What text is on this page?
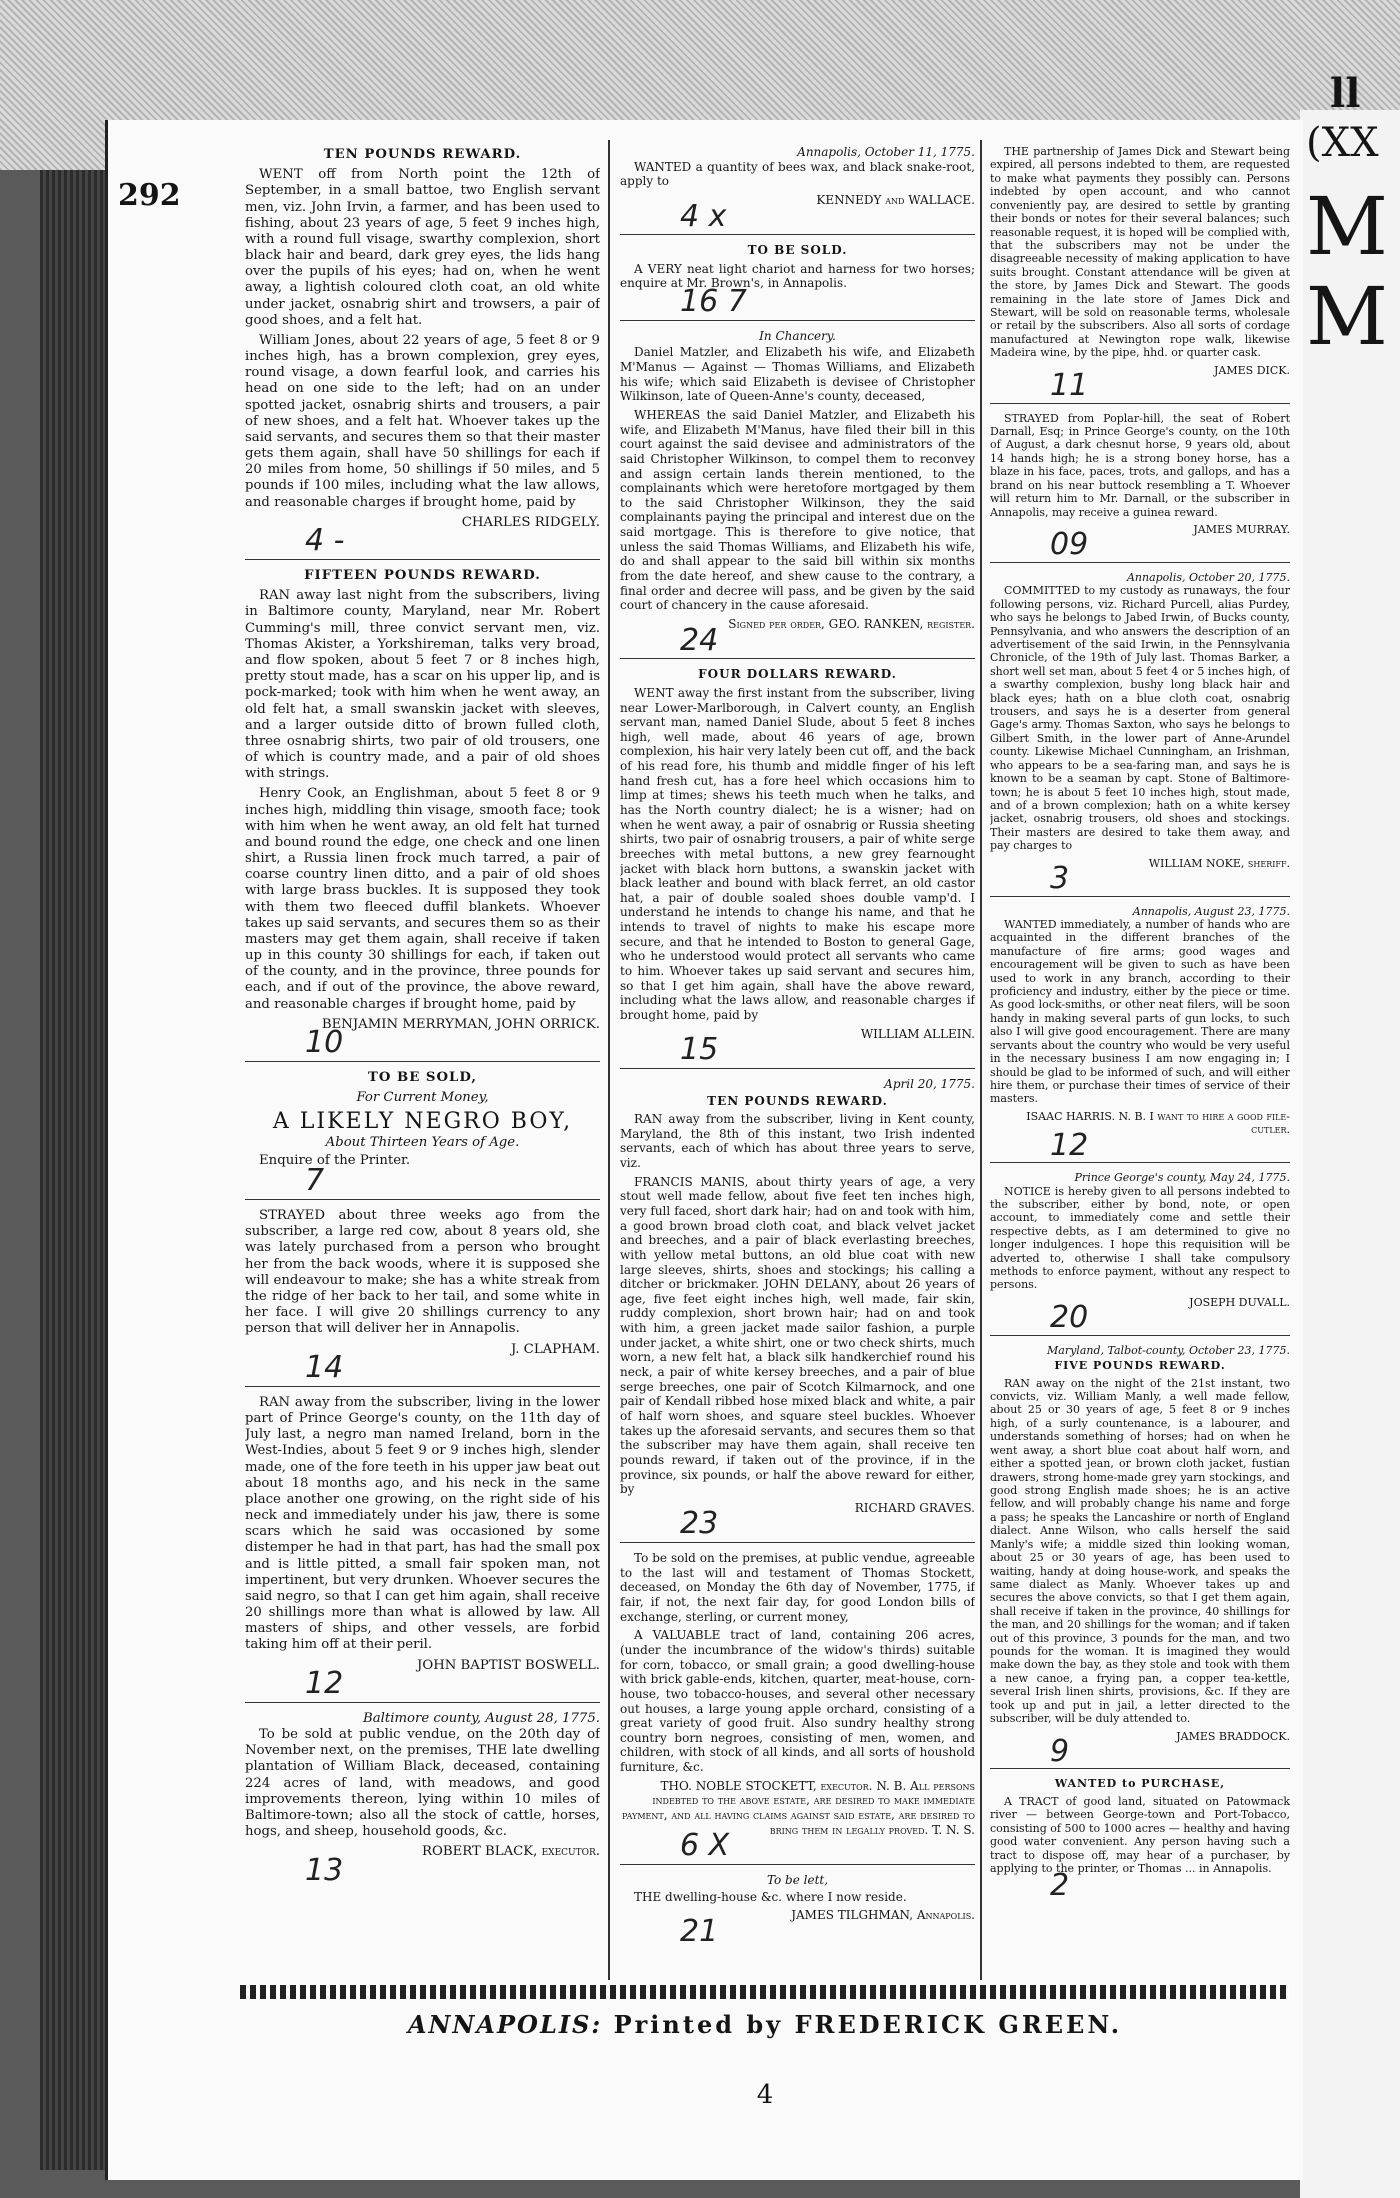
(XX
M
M
ll
292
TEN POUNDS REWARD.

WENT off from North point the 12th of September, in a small battoe, two English servant men, viz. John Irvin, a farmer, and has been used to fishing, about 23 years of age, 5 feet 9 inches high, with a round full visage, swarthy complexion, short black hair and beard, dark grey eyes, the lids hang over the pupils of his eyes; had on, when he went away, a lightish coloured cloth coat, an old white under jacket, osnabrig shirt and trowsers, a pair of good shoes, and a felt hat.

William Jones, about 22 years of age, 5 feet 8 or 9 inches high, has a brown complexion, grey eyes, round visage, a down fearful look, and carries his head on one side to the left; had on an under spotted jacket, osnabrig shirts and trousers, a pair of new shoes, and a felt hat. Whoever takes up the said servants, and secures them so that their master gets them again, shall have 50 shillings for each if 20 miles from home, 50 shillings if 50 miles, and 5 pounds if 100 miles, including what the law allows, and reasonable charges if brought home, paid by

CHARLES RIDGELY.
4 -
FIFTEEN POUNDS REWARD.

RAN away last night from the subscribers, living in Baltimore county, Maryland, near Mr. Robert Cumming's mill, three convict servant men, viz. Thomas Akister, a Yorkshireman, talks very broad, and flow spoken, about 5 feet 7 or 8 inches high, pretty stout made, has a scar on his upper lip, and is pock-marked; took with him when he went away, an old felt hat, a small swanskin jacket with sleeves, and a larger outside ditto of brown fulled cloth, three osnabrig shirts, two pair of old trousers, one of which is country made, and a pair of old shoes with strings.

Henry Cook, an Englishman, about 5 feet 8 or 9 inches high, middling thin visage, smooth face; took with him when he went away, an old felt hat turned and bound round the edge, one check and one linen shirt, a Russia linen frock much tarred, a pair of coarse country linen ditto, and a pair of old shoes with large brass buckles. It is supposed they took with them two fleeced duffil blankets. Whoever takes up said servants, and secures them so as their masters may get them again, shall receive if taken up in this county 30 shillings for each, if taken out of the county, and in the province, three pounds for each, and if out of the province, the above reward, and reasonable charges if brought home, paid by

BENJAMIN MERRYMAN, JOHN ORRICK.
10
TO BE SOLD,
For Current Money,
A LIKELY NEGRO BOY,
About Thirteen Years of Age.

Enquire of the Printer.

7

STRAYED about three weeks ago from the subscriber, a large red cow, about 8 years old, she was lately purchased from a person who brought her from the back woods, where it is supposed she will endeavour to make; she has a white streak from the ridge of her back to her tail, and some white in her face. I will give 20 shillings currency to any person that will deliver her in Annapolis.

J. CLAPHAM.
14

RAN away from the subscriber, living in the lower part of Prince George's county, on the 11th day of July last, a negro man named Ireland, born in the West-Indies, about 5 feet 9 or 9 inches high, slender made, one of the fore teeth in his upper jaw beat out about 18 months ago, and his neck in the same place another one growing, on the right side of his neck and immediately under his jaw, there is some scars which he said was occasioned by some distemper he had in that part, has had the small pox and is little pitted, a small fair spoken man, not impertinent, but very drunken. Whoever secures the said negro, so that I can get him again, shall receive 20 shillings more than what is allowed by law. All masters of ships, and other vessels, are forbid taking him off at their peril.

JOHN BAPTIST BOSWELL.
12
Baltimore county, August 28, 1775.

To be sold at public vendue, on the 20th day of November next, on the premises, THE late dwelling plantation of William Black, deceased, containing 224 acres of land, with meadows, and good improvements thereon, lying within 10 miles of Baltimore-town; also all the stock of cattle, horses, hogs, and sheep, household goods, &c.

ROBERT BLACK, executor.
13
Annapolis, October 11, 1775.

WANTED a quantity of bees wax, and black snake-root, apply to

KENNEDY and WALLACE.
4 x
TO BE SOLD.

A VERY neat light chariot and harness for two horses; enquire at Mr. Brown's, in Annapolis.

16 7
In Chancery.

Daniel Matzler, and Elizabeth his wife, and Elizabeth M'Manus — Against — Thomas Williams, and Elizabeth his wife; which said Elizabeth is devisee of Christopher Wilkinson, late of Queen-Anne's county, deceased,

WHEREAS the said Daniel Matzler, and Elizabeth his wife, and Elizabeth M'Manus, have filed their bill in this court against the said devisee and administrators of the said Christopher Wilkinson, to compel them to reconvey and assign certain lands therein mentioned, to the complainants which were heretofore mortgaged by them to the said Christopher Wilkinson, they the said complainants paying the principal and interest due on the said mortgage. This is therefore to give notice, that unless the said Thomas Williams, and Elizabeth his wife, do and shall appear to the said bill within six months from the date hereof, and shew cause to the contrary, a final order and decree will pass, and be given by the said court of chancery in the cause aforesaid.

Signed per order, GEO. RANKEN, register.
24
FOUR DOLLARS REWARD.

WENT away the first instant from the subscriber, living near Lower-Marlborough, in Calvert county, an English servant man, named Daniel Slude, about 5 feet 8 inches high, well made, about 46 years of age, brown complexion, his hair very lately been cut off, and the back of his read fore, his thumb and middle finger of his left hand fresh cut, has a fore heel which occasions him to limp at times; shews his teeth much when he talks, and has the North country dialect; he is a wisner; had on when he went away, a pair of osnabrig or Russia sheeting shirts, two pair of osnabrig trousers, a pair of white serge breeches with metal buttons, a new grey fearnought jacket with black horn buttons, a swanskin jacket with black leather and bound with black ferret, an old castor hat, a pair of double soaled shoes double vamp'd. I understand he intends to change his name, and that he intends to travel of nights to make his escape more secure, and that he intended to Boston to general Gage, who he understood would protect all servants who came to him. Whoever takes up said servant and secures him, so that I get him again, shall have the above reward, including what the laws allow, and reasonable charges if brought home, paid by

WILLIAM ALLEIN.
15
April 20, 1775.
TEN POUNDS REWARD.

RAN away from the subscriber, living in Kent county, Maryland, the 8th of this instant, two Irish indented servants, each of which has about three years to serve, viz.

FRANCIS MANIS, about thirty years of age, a very stout well made fellow, about five feet ten inches high, very full faced, short dark hair; had on and took with him, a good brown broad cloth coat, and black velvet jacket and breeches, and a pair of black everlasting breeches, with yellow metal buttons, an old blue coat with new large sleeves, shirts, shoes and stockings; his calling a ditcher or brickmaker. JOHN DELANY, about 26 years of age, five feet eight inches high, well made, fair skin, ruddy complexion, short brown hair; had on and took with him, a green jacket made sailor fashion, a purple under jacket, a white shirt, one or two check shirts, much worn, a new felt hat, a black silk handkerchief round his neck, a pair of white kersey breeches, and a pair of blue serge breeches, one pair of Scotch Kilmarnock, and one pair of Kendall ribbed hose mixed black and white, a pair of half worn shoes, and square steel buckles. Whoever takes up the aforesaid servants, and secures them so that the subscriber may have them again, shall receive ten pounds reward, if taken out of the province, if in the province, six pounds, or half the above reward for either, by

RICHARD GRAVES.
23

To be sold on the premises, at public vendue, agreeable to the last will and testament of Thomas Stockett, deceased, on Monday the 6th day of November, 1775, if fair, if not, the next fair day, for good London bills of exchange, sterling, or current money,

A VALUABLE tract of land, containing 206 acres, (under the incumbrance of the widow's thirds) suitable for corn, tobacco, or small grain; a good dwelling-house with brick gable-ends, kitchen, quarter, meat-house, corn-house, two tobacco-houses, and several other necessary out houses, a large young apple orchard, consisting of a great variety of good fruit. Also sundry healthy strong country born negroes, consisting of men, women, and children, with stock of all kinds, and all sorts of houshold furniture, &c.

THO. NOBLE STOCKETT, executor. N. B. All persons indebted to the above estate, are desired to make immediate payment, and all having claims against said estate, are desired to bring them in legally proved. T. N. S.
6 X
To be lett,

THE dwelling-house &c. where I now reside.

JAMES TILGHMAN, Annapolis.
21

THE partnership of James Dick and Stewart being expired, all persons indebted to them, are requested to make what payments they possibly can. Persons indebted by open account, and who cannot conveniently pay, are desired to settle by granting their bonds or notes for their several balances; such reasonable request, it is hoped will be complied with, that the subscribers may not be under the disagreeable necessity of making application to have suits brought. Constant attendance will be given at the store, by James Dick and Stewart. The goods remaining in the late store of James Dick and Stewart, will be sold on reasonable terms, wholesale or retail by the subscribers. Also all sorts of cordage manufactured at Newington rope walk, likewise Madeira wine, by the pipe, hhd. or quarter cask.

JAMES DICK.
11

STRAYED from Poplar-hill, the seat of Robert Darnall, Esq; in Prince George's county, on the 10th of August, a dark chesnut horse, 9 years old, about 14 hands high; he is a strong boney horse, has a blaze in his face, paces, trots, and gallops, and has a brand on his near buttock resembling a T. Whoever will return him to Mr. Darnall, or the subscriber in Annapolis, may receive a guinea reward.

JAMES MURRAY.
09
Annapolis, October 20, 1775.

COMMITTED to my custody as runaways, the four following persons, viz. Richard Purcell, alias Purdey, who says he belongs to Jabed Irwin, of Bucks county, Pennsylvania, and who answers the description of an advertisement of the said Irwin, in the Pennsylvania Chronicle, of the 19th of July last. Thomas Barker, a short well set man, about 5 feet 4 or 5 inches high, of a swarthy complexion, bushy long black hair and black eyes; hath on a blue cloth coat, osnabrig trousers, and says he is a deserter from general Gage's army. Thomas Saxton, who says he belongs to Gilbert Smith, in the lower part of Anne-Arundel county. Likewise Michael Cunningham, an Irishman, who appears to be a sea-faring man, and says he is known to be a seaman by capt. Stone of Baltimore-town; he is about 5 feet 10 inches high, stout made, and of a brown complexion; hath on a white kersey jacket, osnabrig trousers, old shoes and stockings. Their masters are desired to take them away, and pay charges to

WILLIAM NOKE, sheriff.
3
Annapolis, August 23, 1775.

WANTED immediately, a number of hands who are acquainted in the different branches of the manufacture of fire arms; good wages and encouragement will be given to such as have been used to work in any branch, according to their proficiency and industry, either by the piece or time. As good lock-smiths, or other neat filers, will be soon handy in making several parts of gun locks, to such also I will give good encouragement. There are many servants about the country who would be very useful in the necessary business I am now engaging in; I should be glad to be informed of such, and will either hire them, or purchase their times of service of their masters.

ISAAC HARRIS. N. B. I want to hire a good file-cutler.
12
Prince George's county, May 24, 1775.

NOTICE is hereby given to all persons indebted to the subscriber, either by bond, note, or open account, to immediately come and settle their respective debts, as I am determined to give no longer indulgences. I hope this requisition will be adverted to, otherwise I shall take compulsory methods to enforce payment, without any respect to persons.

JOSEPH DUVALL.
20
Maryland, Talbot-county, October 23, 1775.
FIVE POUNDS REWARD.

RAN away on the night of the 21st instant, two convicts, viz. William Manly, a well made fellow, about 25 or 30 years of age, 5 feet 8 or 9 inches high, of a surly countenance, is a labourer, and understands something of horses; had on when he went away, a short blue coat about half worn, and either a spotted jean, or brown cloth jacket, fustian drawers, strong home-made grey yarn stockings, and good strong English made shoes; he is an active fellow, and will probably change his name and forge a pass; he speaks the Lancashire or north of England dialect. Anne Wilson, who calls herself the said Manly's wife; a middle sized thin looking woman, about 25 or 30 years of age, has been used to waiting, handy at doing house-work, and speaks the same dialect as Manly. Whoever takes up and secures the above convicts, so that I get them again, shall receive if taken in the province, 40 shillings for the man, and 20 shillings for the woman; and if taken out of this province, 3 pounds for the man, and two pounds for the woman. It is imagined they would make down the bay, as they stole and took with them a new canoe, a frying pan, a copper tea-kettle, several Irish linen shirts, provisions, &c. If they are took up and put in jail, a letter directed to the subscriber, will be duly attended to.

JAMES BRADDOCK.
9
WANTED to PURCHASE,

A TRACT of good land, situated on Patowmack river — between George-town and Port-Tobacco, consisting of 500 to 1000 acres — healthy and having good water convenient. Any person having such a tract to dispose off, may hear of a purchaser, by applying to the printer, or Thomas ... in Annapolis.

2
ANNAPOLIS: Printed by FREDERICK GREEN.
4
